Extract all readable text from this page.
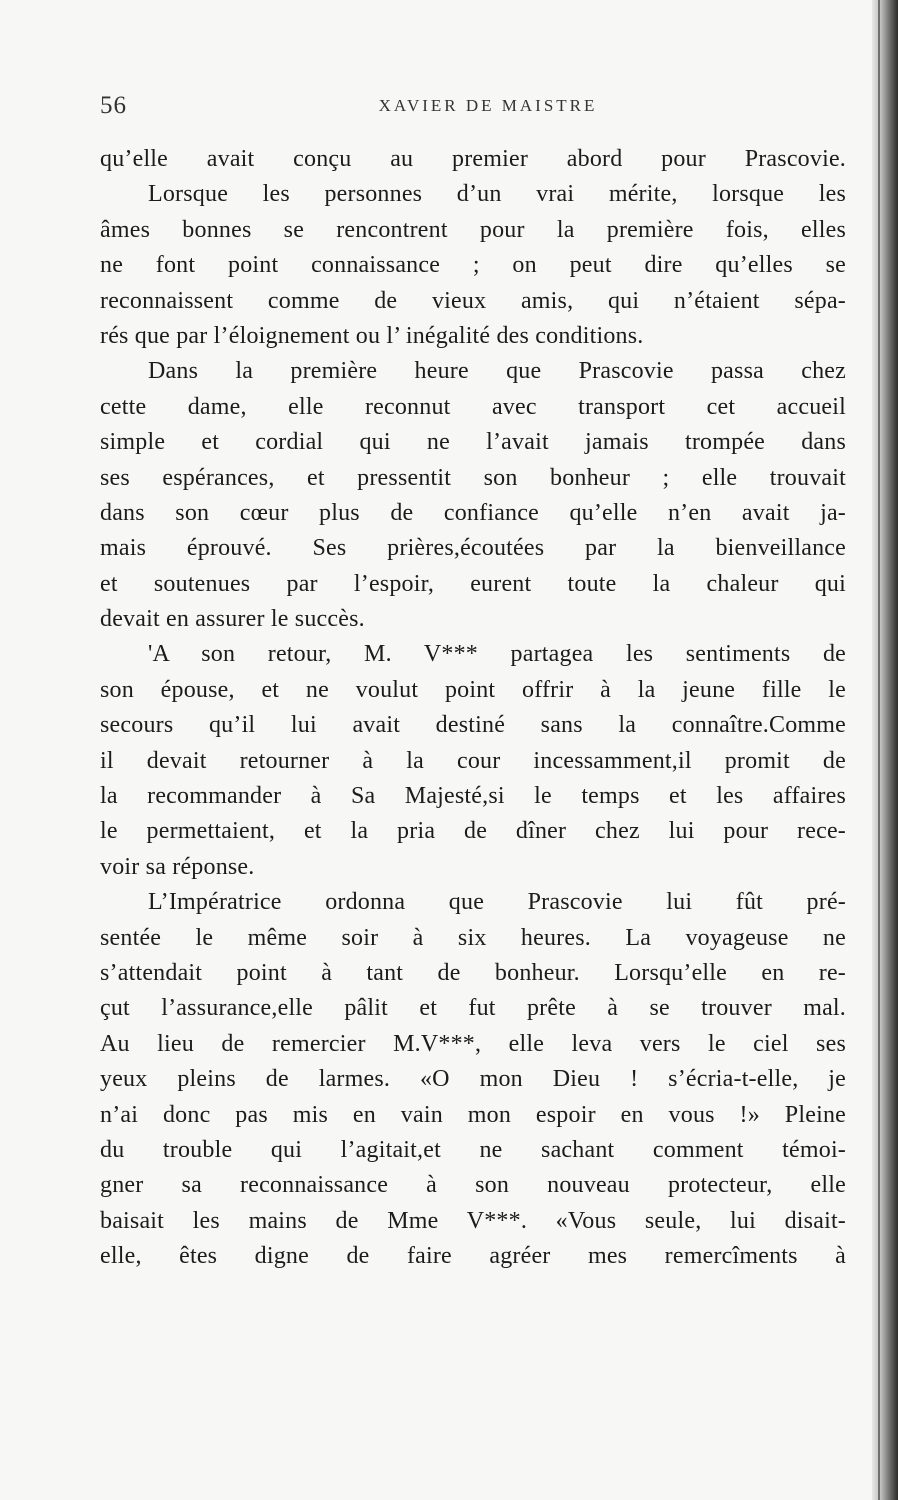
56	XAVIER DE MAISTRE
qu’elle avait conçu au premier abord pour Prascovie.
Lorsque les personnes d’un vrai mérite, lorsque les
âmes bonnes se rencontrent pour la première fois, elles
ne font point connaissance ; on peut dire qu’elles se
reconnaissent comme de vieux amis, qui n’étaient sépa-
rés que par l’éloignement ou l’ inégalité des conditions.
Dans la première heure que Prascovie passa chez
cette dame, elle reconnut avec transport cet accueil
simple et cordial qui ne l’avait jamais trompée dans
ses espérances, et pressentit son bonheur ; elle trouvait
dans son cœur plus de confiance qu’elle n’en avait ja-
mais éprouvé. Ses prières,écoutées par la bienveillance
et soutenues par l’espoir, eurent toute la chaleur qui
devait en assurer le succès.
'A son retour, M. V*** partagea les sentiments de
son épouse, et ne voulut point offrir à la jeune fille le
secours qu’il lui avait destiné sans la connaître.Comme
il devait retourner à la cour incessamment,il promit de
la recommander à Sa Majesté,si le temps et les affaires
le permettaient, et la pria de dîner chez lui pour rece-
voir sa réponse.
L’Impératrice ordonna que Prascovie lui fût pré-
sentée le même soir à six heures. La voyageuse ne
s’attendait point à tant de bonheur. Lorsqu’elle en re-
çut l’assurance,elle pâlit et fut prête à se trouver mal.
Au lieu de remercier M.V***, elle leva vers le ciel ses
yeux pleins de larmes. «O mon Dieu ! s’écria-t-elle, je
n’ai donc pas mis en vain mon espoir en vous !» Pleine
du trouble qui l’agitait,et ne sachant comment témoi-
gner sa reconnaissance à son nouveau protecteur, elle
baisait les mains de Mme V***. «Vous seule, lui disait-
elle, êtes digne de faire agréer mes remercîments à
